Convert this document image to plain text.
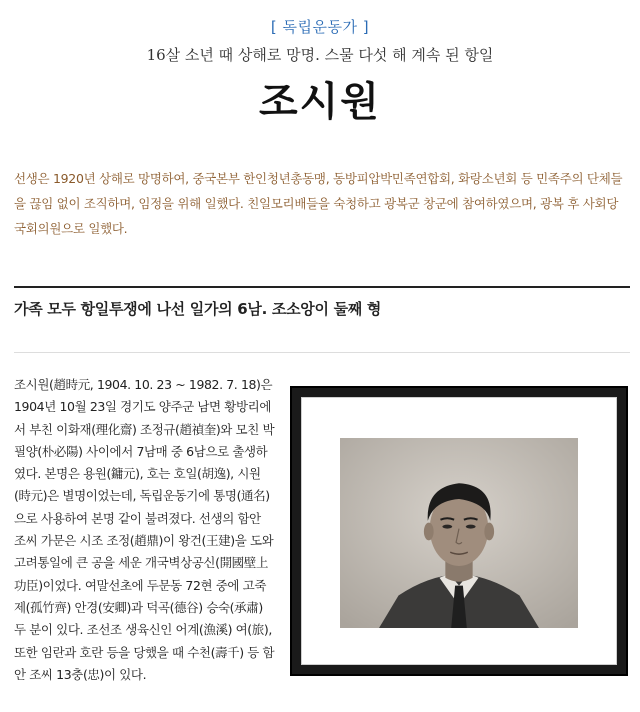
[ 독립운동가 ]
16살 소년 때 상해로 망명. 스물 다섯 해 계속 된 항일
조시원
선생은 1920년 상해로 망명하여, 중국본부 한인청년총동맹, 동방피압박민족연합회, 화랑소년회 등 민족주의 단체들을 끊임 없이 조직하며, 임정을 위해 일했다. 친일모리배들을 숙청하고 광복군 창군에 참여하였으며, 광복 후 사회당 국회의원으로 일했다.
가족 모두 항일투쟁에 나선 일가의 6남. 조소앙이 둘째 형
조시원(趙時元, 1904. 10. 23 ~ 1982. 7. 18)은 1904년 10월 23일 경기도 양주군 남면 황방리에서 부친 이화재(理化齋) 조정규(趙禎奎)와 모친 박필양(朴必陽) 사이에서 7남매 중 6남으로 출생하였다. 본명은 용원(鏞元), 호는 호일(胡逸), 시원(時元)은 별명이었는데, 독립운동기에 통명(通名)으로 사용하여 본명 같이 불려졌다. 선생의 함안 조씨 가문은 시조 조정(趙鼎)이 왕건(王建)을 도와 고려통일에 큰 공을 세운 개국벽상공신(開國壁上功臣)이었다. 여말선초에 두문동 72현 중에 고죽제(孤竹齊) 안경(安卿)과 덕곡(德谷) 승숙(承肅) 두 분이 있다. 조선조 생육신인 어계(漁溪) 여(旅), 또한 임란과 호란 등을 당했을 때 수천(壽千) 등 함안 조씨 13충(忠)이 있다.
